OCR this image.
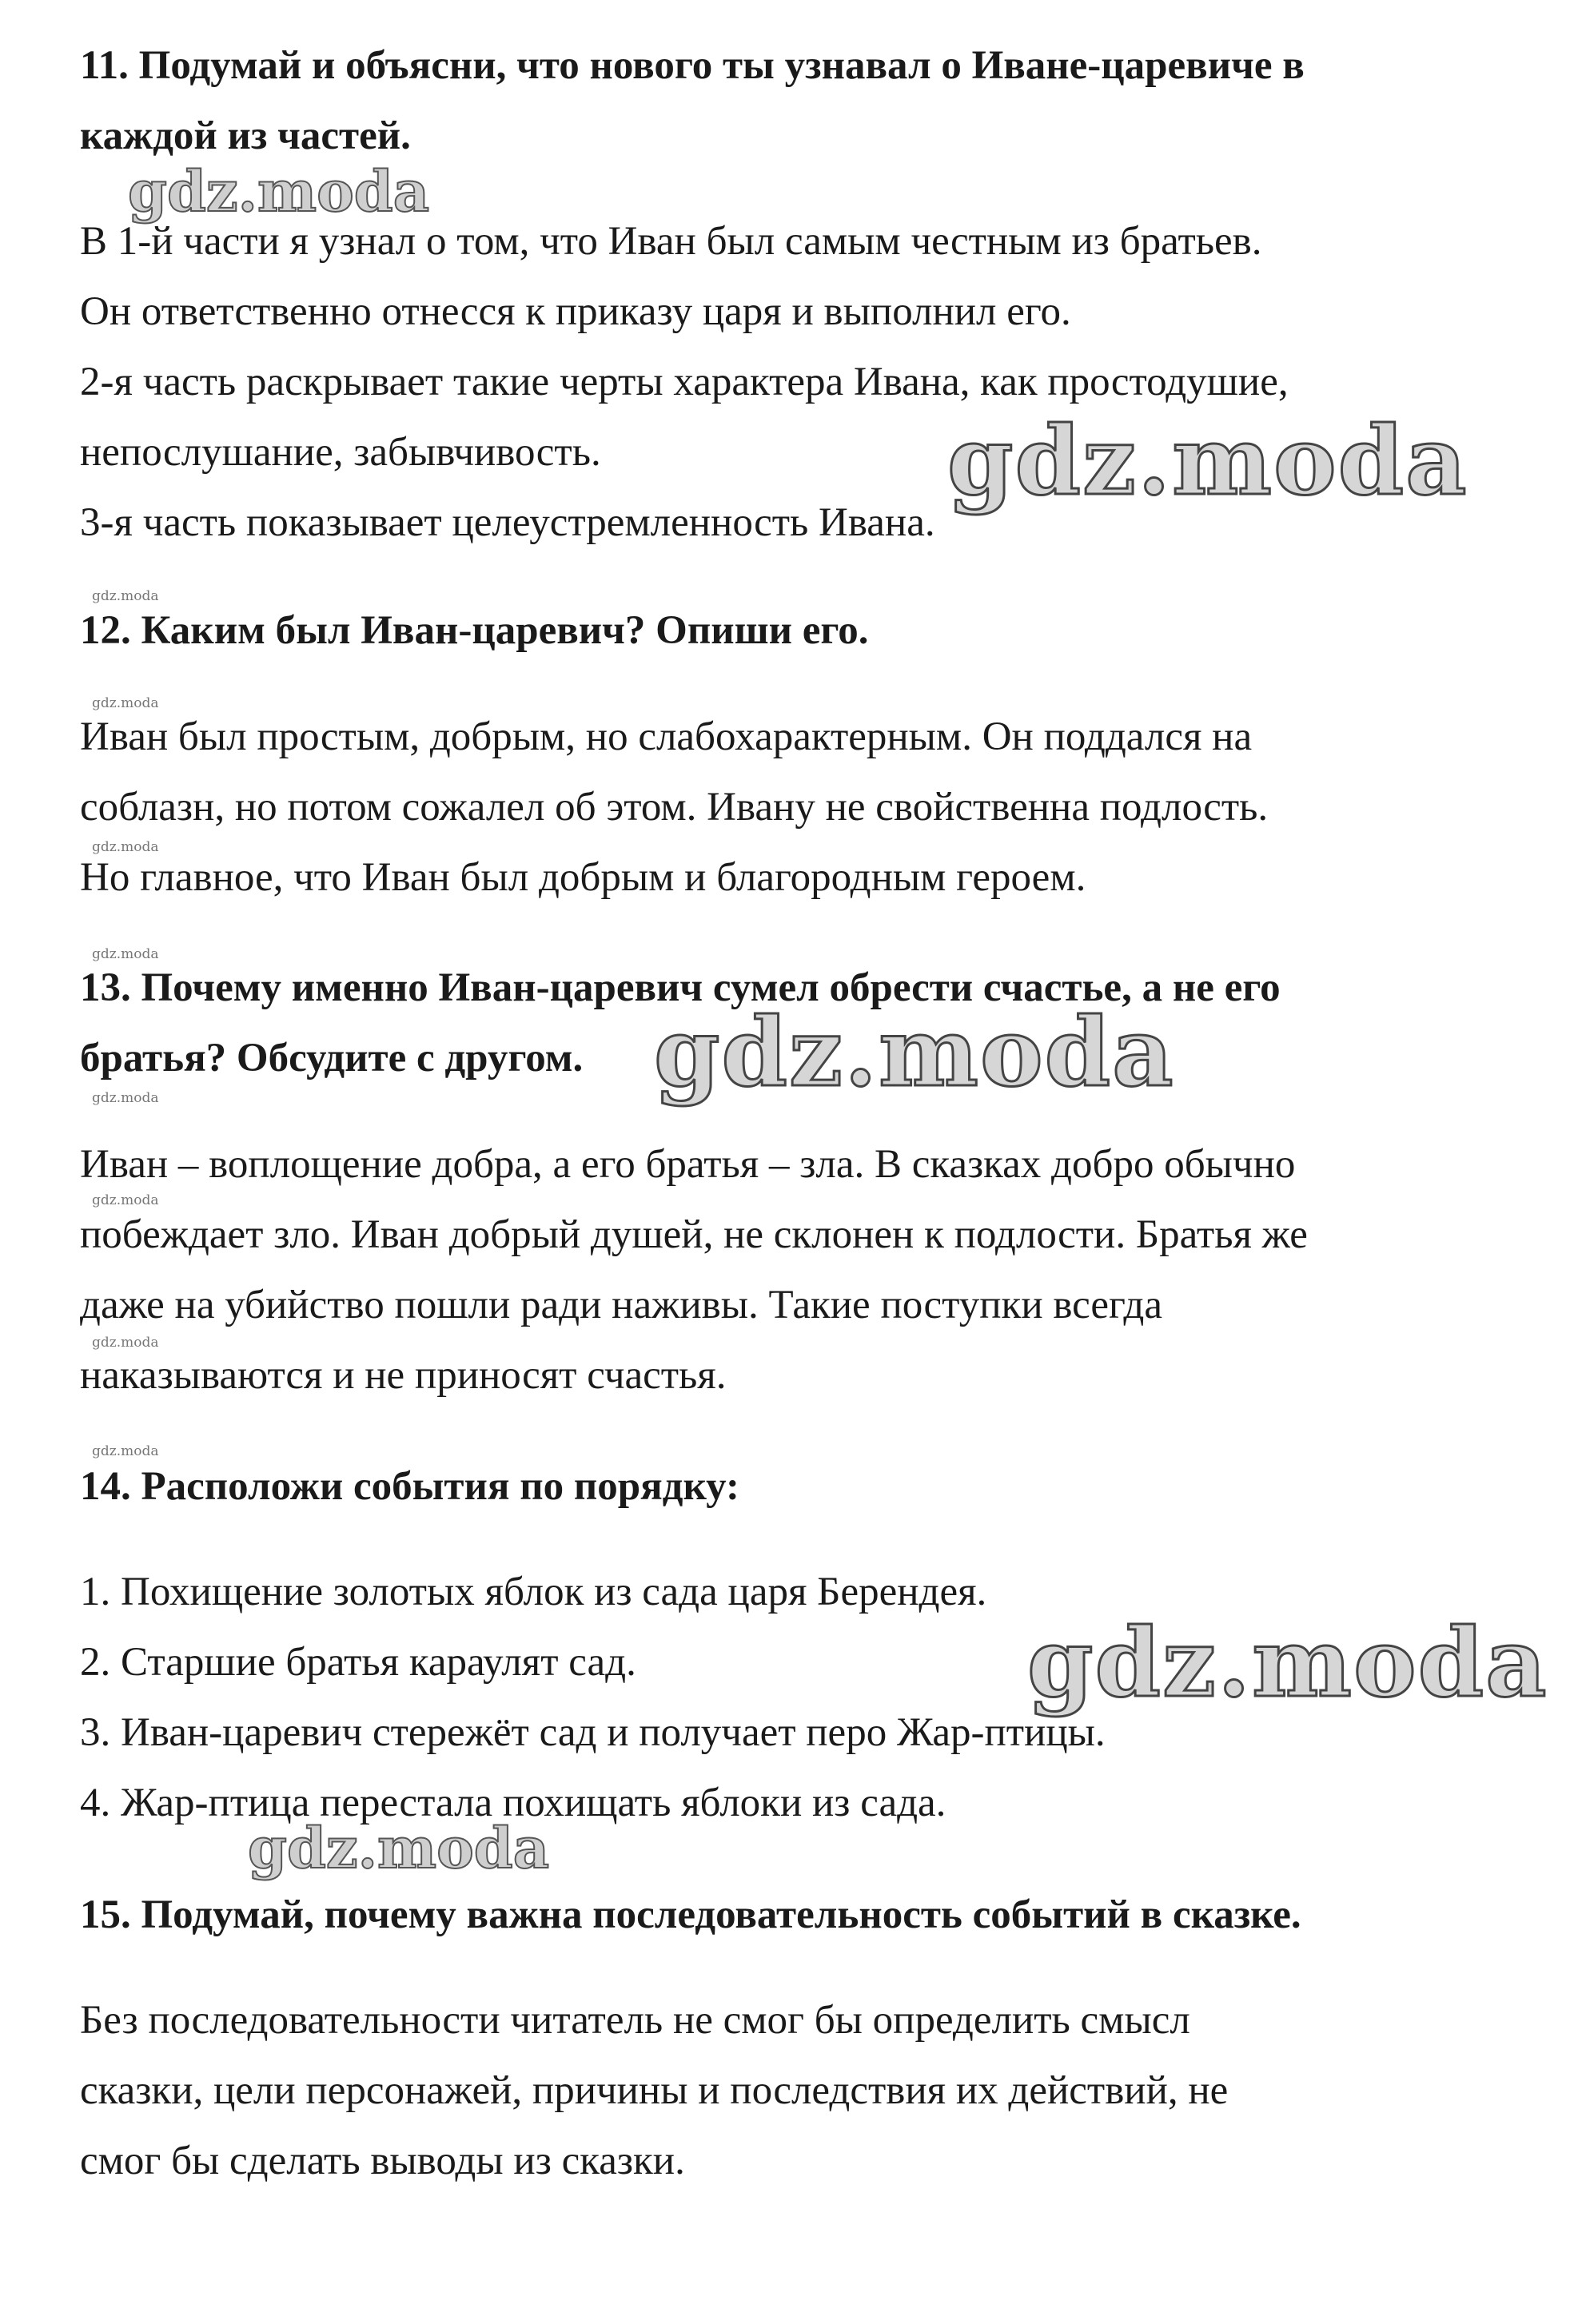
11. Подумай и объясни, что нового ты узнавал о Иване-царевиче в
каждой из частей.
В 1-й части я узнал о том, что Иван был самым честным из братьев.
Он ответственно отнесся к приказу царя и выполнил его.
2-я часть раскрывает такие черты характера Ивана, как простодушие,
непослушание, забывчивость.
3-я часть показывает целеустремленность Ивана.
12. Каким был Иван-царевич? Опиши его.
Иван был простым, добрым, но слабохарактерным. Он поддался на
соблазн, но потом сожалел об этом. Ивану не свойственна подлость.
Но главное, что Иван был добрым и благородным героем.
13. Почему именно Иван-царевич сумел обрести счастье, а не его
братья? Обсудите с другом.
Иван – воплощение добра, а его братья – зла. В сказках добро обычно
побеждает зло. Иван добрый душей, не склонен к подлости. Братья же
даже на убийство пошли ради наживы. Такие поступки всегда
наказываются и не приносят счастья.
14. Расположи события по порядку:
1. Похищение золотых яблок из сада царя Берендея.
2. Старшие братья караулят сад.
3. Иван-царевич стережёт сад и получает перо Жар-птицы.
4. Жар-птица перестала похищать яблоки из сада.
15. Подумай, почему важна последовательность событий в сказке.
Без последовательности читатель не смог бы определить смысл
сказки, цели персонажей, причины и последствия их действий, не
смог бы сделать выводы из сказки.
gdz.moda
gdz.moda
gdz.moda
gdz.moda
gdz.moda
gdz.moda
gdz.moda
gdz.moda
gdz.moda
gdz.moda
gdz.moda
gdz.moda
gdz.moda
